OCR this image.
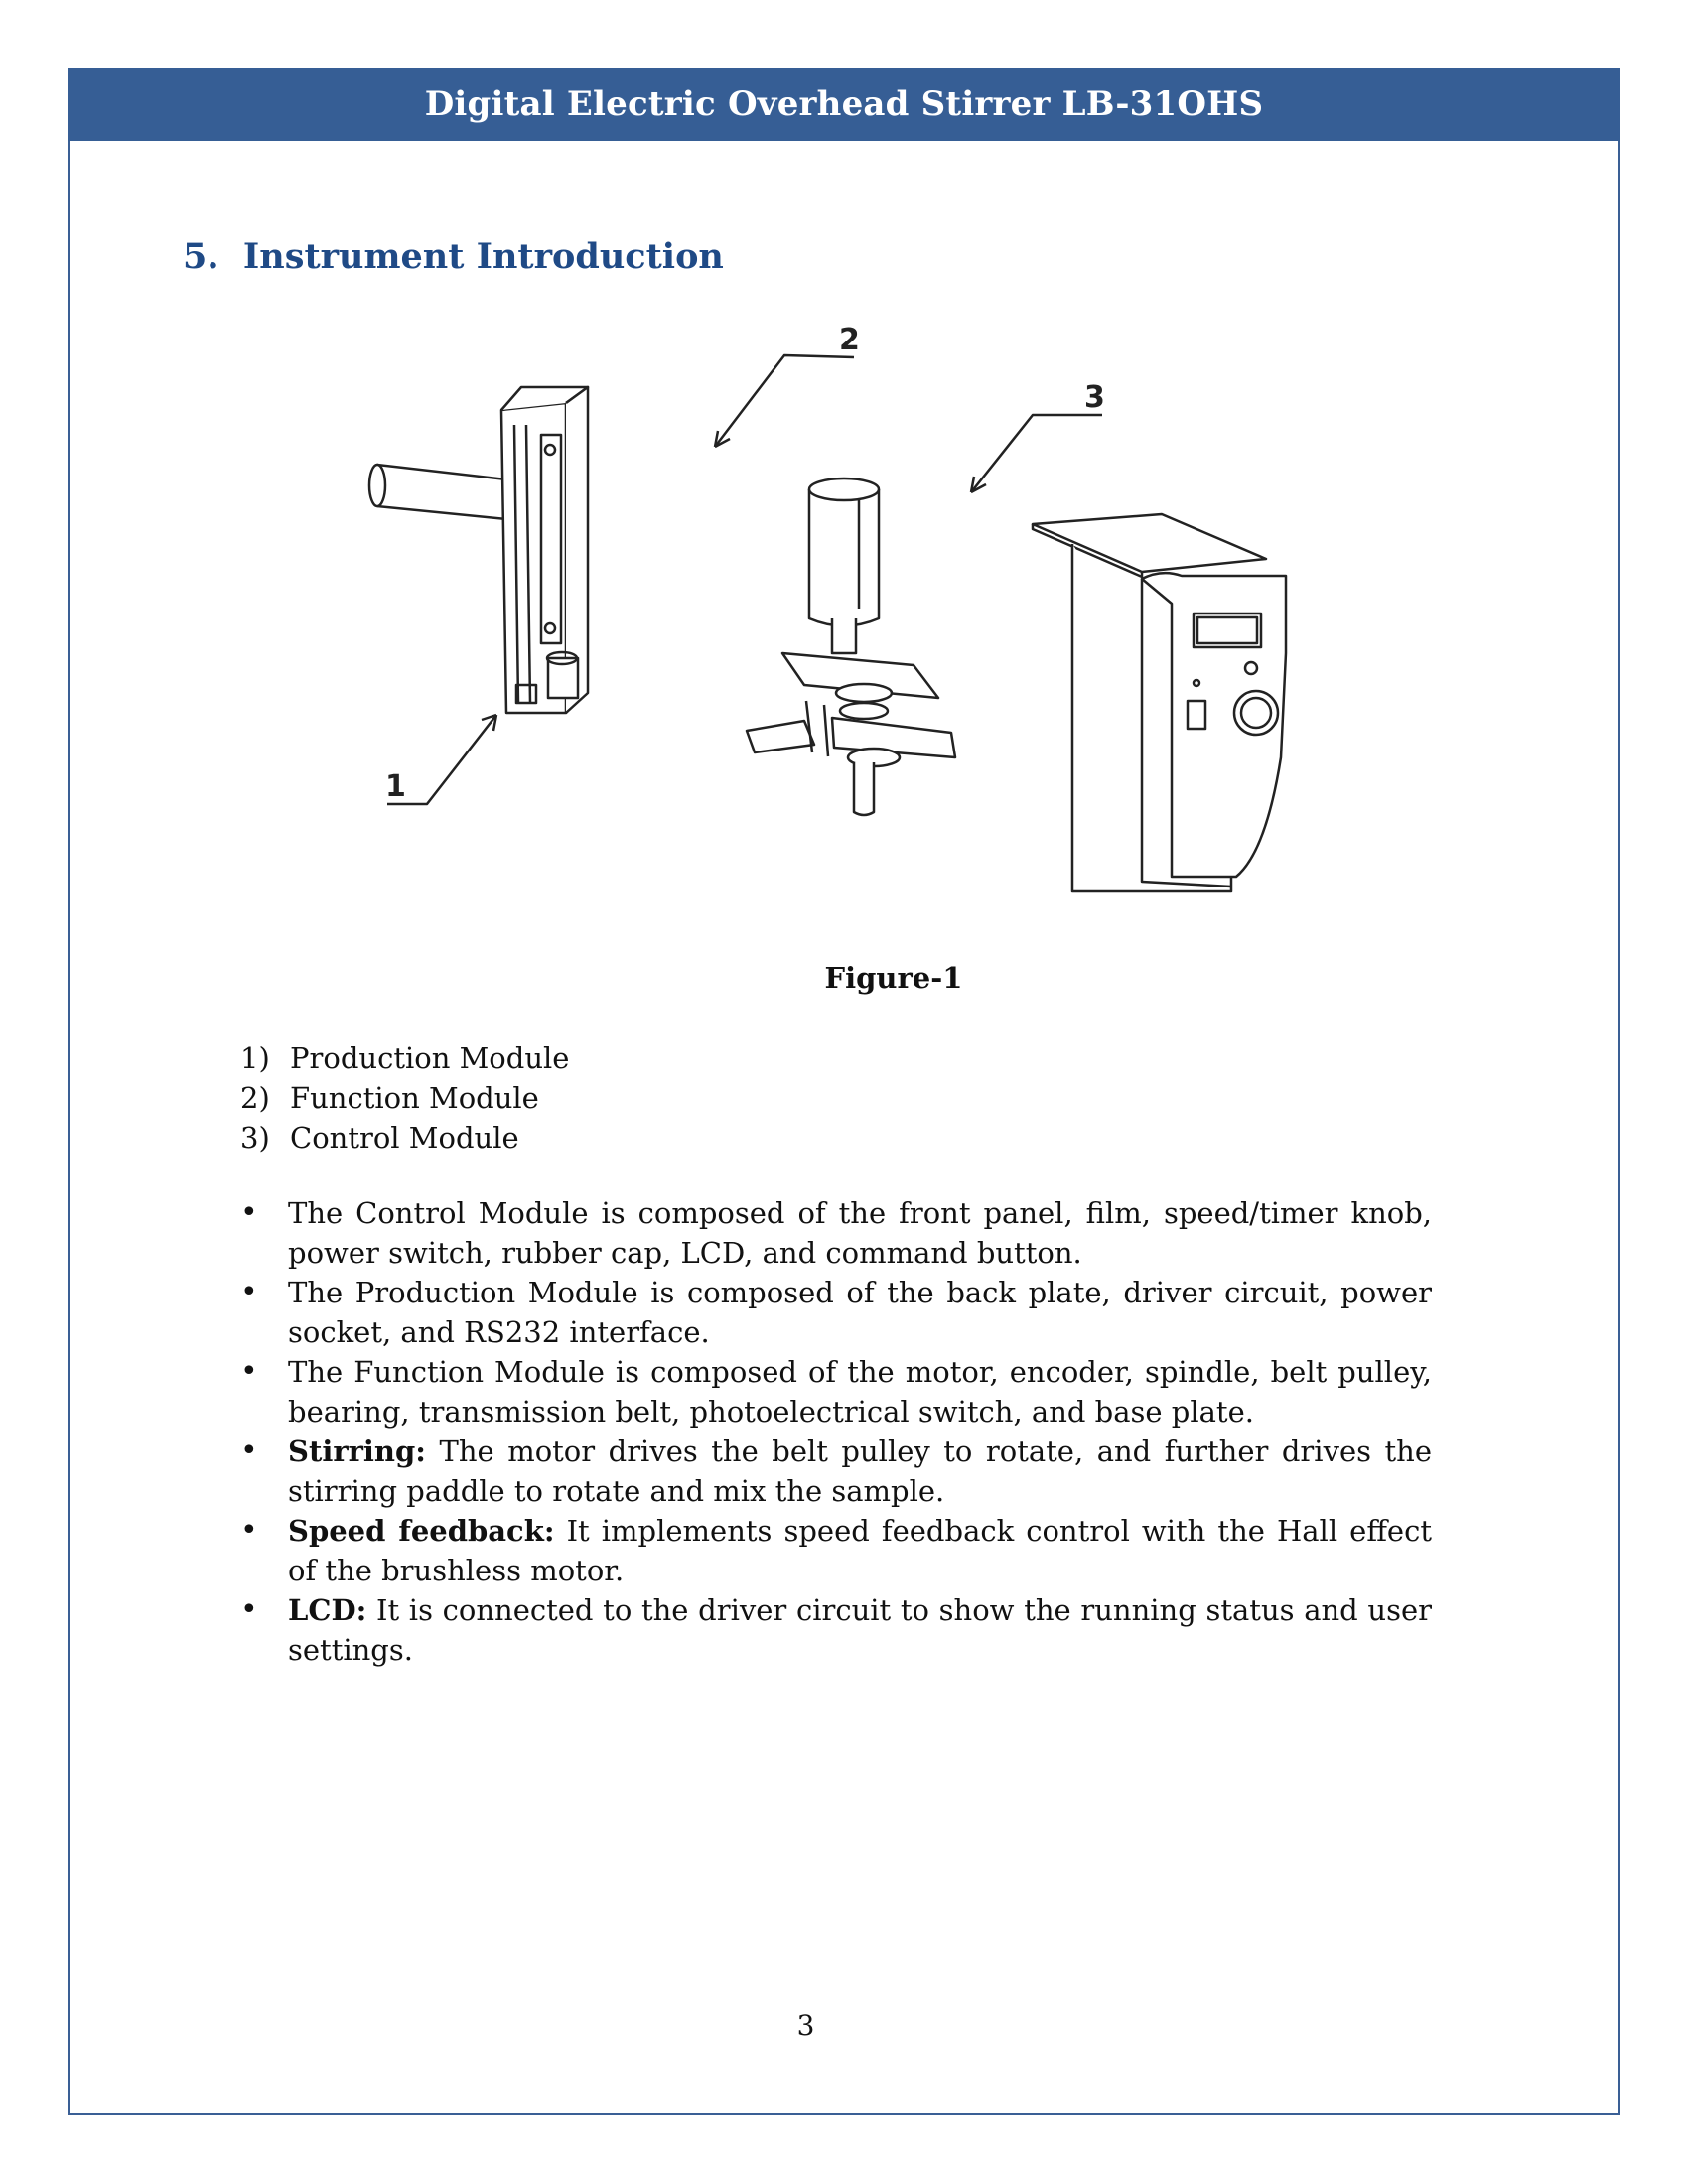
Digital Electric Overhead Stirrer LB-31OHS
5. Instrument Introduction
1
2
3
Figure-1
1) Production Module
2) Function Module
3) Control Module
• The Control Module is composed of the front panel, film, speed/timer knob, power switch, rubber cap, LCD, and command button.
• The Production Module is composed of the back plate, driver circuit, power socket, and RS232 interface.
• The Function Module is composed of the motor, encoder, spindle, belt pulley, bearing, transmission belt, photoelectrical switch, and base plate.
• Stirring: The motor drives the belt pulley to rotate, and further drives the stirring paddle to rotate and mix the sample.
• Speed feedback: It implements speed feedback control with the Hall effect of the brushless motor.
• LCD: It is connected to the driver circuit to show the running status and user settings.
3
